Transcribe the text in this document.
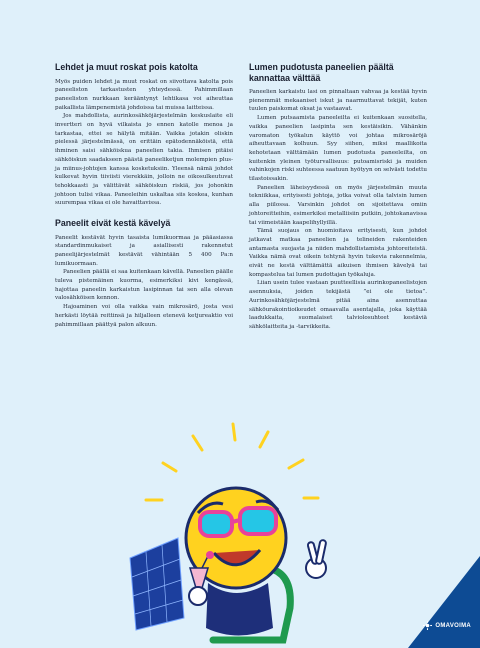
Lehdet ja muut roskat pois katolta

Myös puiden lehdet ja muut roskat on siivottava katolta pois paneeliston tarkastusten yhteydessä. Pahimmillaan paneeliston nurkkaan kerääntynyt lehtikasa voi aiheuttaa paikallista lämpenemistä johdoissa tai muissa laitteissa.

Jos mahdollista, aurinkosähköjärjestelmän keskuslaite eli invertteri on hyvä vilkaista jo ennen katolle menoa ja tarkastaa, ettei se hälytä mitään. Vaikka jotakin oliskin pielessä järjestelmässä, on erittäin epätodennäköistä, että ihminen saisi sähköiskua paneelien takia. Ihmisen pitäisi sähköiskun saadakseen päästä paneeliketjun molempien plus- ja miinus-johtojen kanssa kosketuksiin. Yleensä nämä johdot kulkevat hyvin tiiviisti vierekkäin, jolloin ne oikosulkeutuvat tehokkaasti ja välittävät sähköiskun riskiä, jos johonkin johtoon tulisi vikaa. Paneeleihin uskaltaa siis koskea, kunhan suurempaa vikaa ei ole havaittavissa.

Paneelit eivät kestä kävelyä

Paneelit kestävät hyvin tasaista lumikuormaa ja pääasiassa standardinmukaiset ja asiallisesti rakennetut paneelijärjestelmät kestävät vähintään 5 400 Pa:n lumikuormaan.

Paneelien päällä ei saa kuitenkaan kävellä. Paneelien päälle tuleva pistemäinen kuorma, esimerkiksi kivi kengässä, hajottaa paneelin karkaistun lasipinnan tai sen alla olevan valosähköisen kennon.

Hajoaminen voi olla vaikka vain mikrosärö, josta vesi herkästi löytää reittinsä ja hiljalleen etenevä ketjureaktio voi pahimmillaan päättyä palon alkuun.

Lumen pudotusta paneelien päältä kannattaa välttää

Paneelien karkaistu lasi on pinnaltaan vahvaa ja kestää hyvin pienemmät mekaaniset iskut ja naarmuttavat tekijät, kuten tuulen paiskomat oksat ja vastaavat.

Lumen putsaamista paneeleilta ei kuitenkaan suositella, vaikka paneelien lasipinta sen kestäisikin. Vähänkin varomaton työkalun käyttö voi johtaa mikrosäröjä aiheuttavaan kolhuun. Syy siihen, miksi maallikoita kehotetaan välttämään lumen pudotusta paneeleilta, on kuitenkin yleinen työturvallisuus: putoamisriski ja muiden vahinkojen riski suhteessa saatuun hyötyyn on selvästi todettu tilastoissakin.

Paneelien läheisyydessä on myös järjestelmän muuta tekniikkaa, erityisesti johtoja, jotka voivat olla talvisin lumen alla piilossa. Varsinkin johdot on sijoitettava omiin johtoreitteihin, esimerkiksi metalliisiin putkiin, johtokanavissa tai viimeistään kaapelihyllyillä.

Tämä suojaus on huomioitava erityisesti, kun johdot jatkavat matkaa paneelien ja telineiden rakenteiden antamasta suojasta ja niiden mahdollistamista johtoreiteistä. Vaikka nämä ovat oikein tehtynä hyvin tukevia rakennelmia, eivät ne kestä välttämättä aikuisen ihmisen kävelyä tai kompastelua tai lumen pudottajan työkaluja.

Liian usein tulee vastaan puutteellisia aurinkopaneelistojen asennuksia, joiden tekijästä ”ei ole tietoa”. Aurinkosähköjärjestelmä pitää aina asennuttaa sähköurakointioikeudet omaavalla asentajalla, joka käyttää laadukkaita, suomalaiset talviolosuhteet kestäviä sähkölaitteita ja -tarvikkeita.

OMAVOIMA
